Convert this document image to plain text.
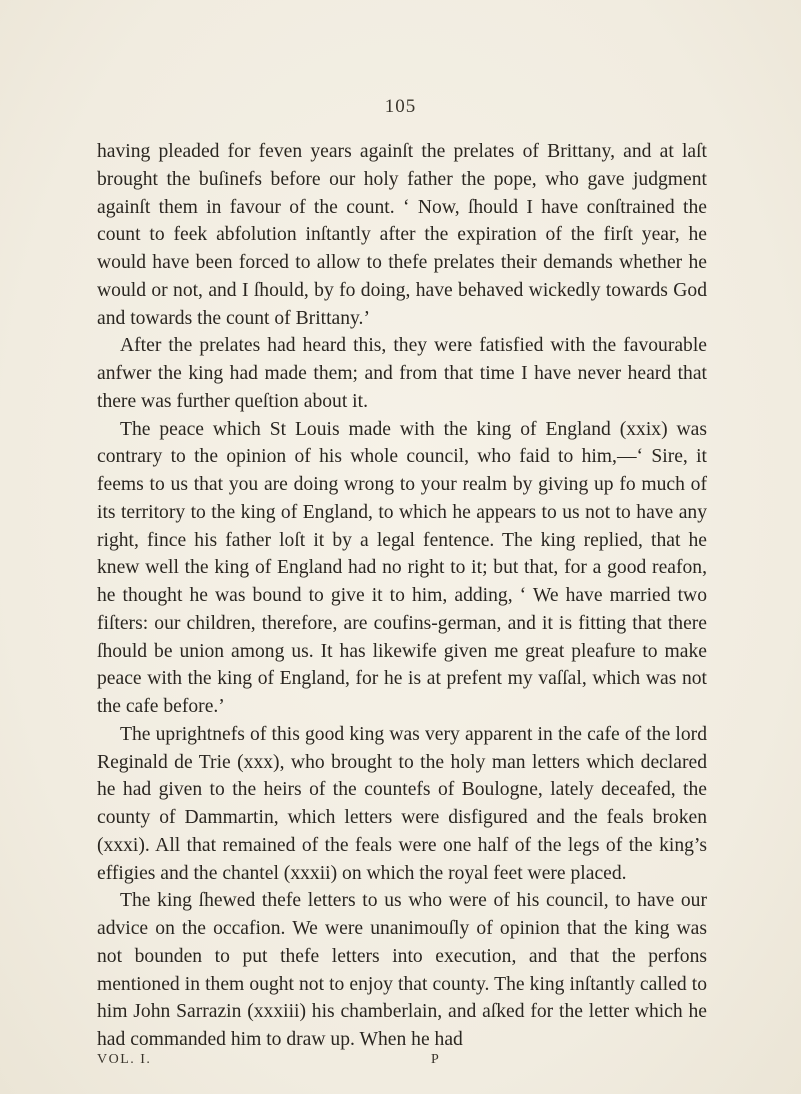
105

having pleaded for feven years againſt the prelates of Brittany, and at laſt brought the buſinefs before our holy father the pope, who gave judgment againſt them in favour of the count. ‘ Now, ſhould I have conſtrained the count to feek abfolution inſtantly after the expiration of the firſt year, he would have been forced to allow to thefe prelates their demands whether he would or not, and I ſhould, by fo doing, have behaved wickedly towards God and towards the count of Brittany.’

After the prelates had heard this, they were fatisfied with the favourable anfwer the king had made them; and from that time I have never heard that there was further queſtion about it.

The peace which St Louis made with the king of England (xxix) was contrary to the opinion of his whole council, who faid to him,—‘ Sire, it feems to us that you are doing wrong to your realm by giving up fo much of its territory to the king of England, to which he appears to us not to have any right, fince his father loſt it by a legal fentence. The king replied, that he knew well the king of England had no right to it; but that, for a good reafon, he thought he was bound to give it to him, adding, ‘ We have married two fiſters: our children, therefore, are coufins-german, and it is fitting that there ſhould be union among us. It has likewife given me great pleafure to make peace with the king of England, for he is at prefent my vaſſal, which was not the cafe before.’

The uprightnefs of this good king was very apparent in the cafe of the lord Reginald de Trie (xxx), who brought to the holy man letters which declared he had given to the heirs of the countefs of Boulogne, lately deceafed, the county of Dammartin, which letters were disfigured and the feals broken (xxxi). All that remained of the feals were one half of the legs of the king’s effigies and the chantel (xxxii) on which the royal feet were placed.

The king ſhewed thefe letters to us who were of his council, to have our advice on the occafion. We were unanimouſly of opinion that the king was not bounden to put thefe letters into execution, and that the perfons mentioned in them ought not to enjoy that county. The king inſtantly called to him John Sarrazin (xxxiii) his chamberlain, and aſked for the letter which he had commanded him to draw up. When he had

VOL. I.	P
